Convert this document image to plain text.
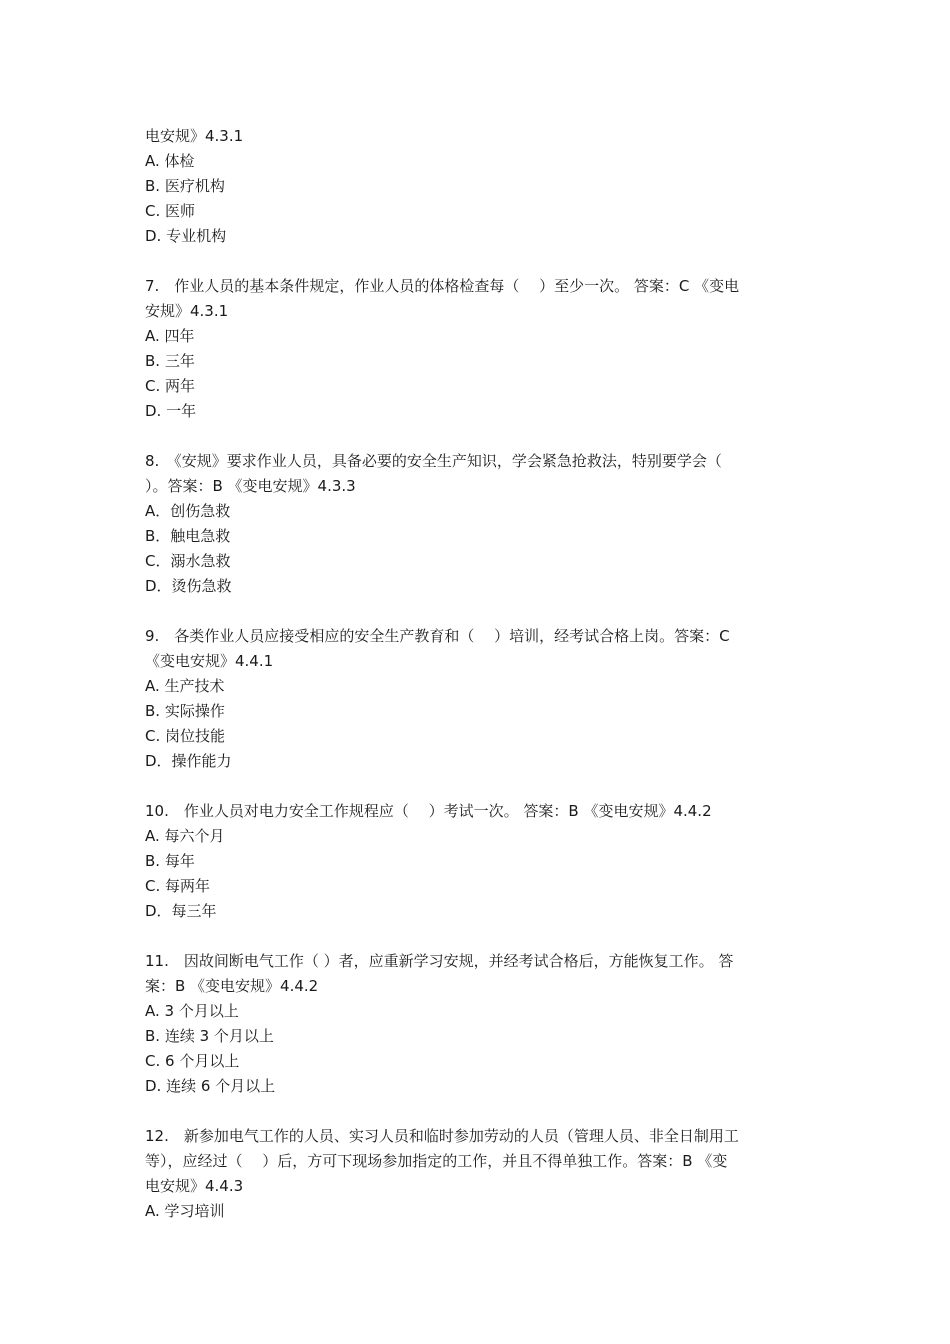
电安规》4.3.1
A. 体检
B. 医疗机构
C. 医师
D. 专业机构
7.　作业人员的基本条件规定，作业人员的体格检查每（　 ）至少一次。 答案：C 《变电
安规》4.3.1
A. 四年
B. 三年
C. 两年
D. 一年
8.　《安规》要求作业人员，具备必要的安全生产知识，学会紧急抢救法，特别要学会（
）。答案：B 《变电安规》4.3.3
A．创伤急救
B．触电急救
C．溺水急救
D．烫伤急救
9.　各类作业人员应接受相应的安全生产教育和（　 ）培训，经考试合格上岗。答案：C
《变电安规》4.4.1
A. 生产技术
B. 实际操作
C. 岗位技能
D．操作能力
10.　作业人员对电力安全工作规程应（　 ）考试一次。 答案：B 《变电安规》4.4.2
A. 每六个月
B. 每年
C. 每两年
D．每三年
11.　因故间断电气工作（ ）者，应重新学习安规，并经考试合格后，方能恢复工作。 答
案：B 《变电安规》4.4.2
A. 3 个月以上
B. 连续 3 个月以上
C. 6 个月以上
D. 连续 6 个月以上
12.　新参加电气工作的人员、实习人员和临时参加劳动的人员（管理人员、非全日制用工
等），应经过（　 ）后，方可下现场参加指定的工作，并且不得单独工作。答案：B 《变
电安规》4.4.3
A. 学习培训
